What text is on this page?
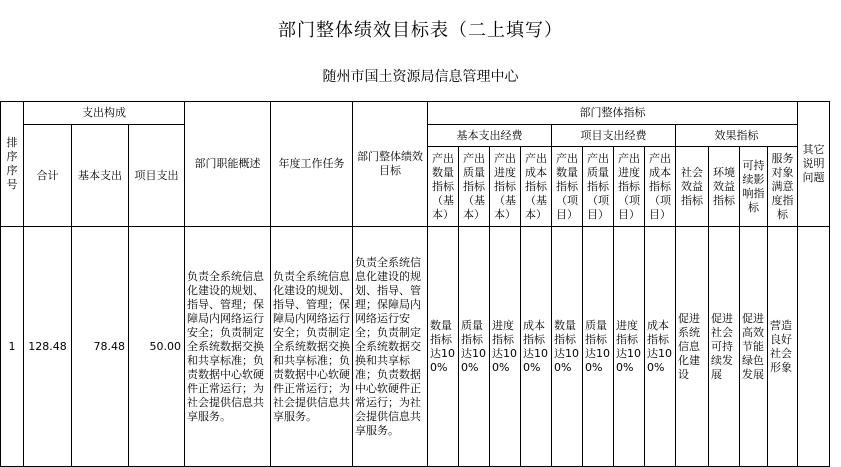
部门整体绩效目标表（二上填写）
随州市国土资源局信息管理中心
排序序号	支出构成			部门职能概述	年度工作任务	部门整体绩效目标	部门整体指标												其它说明问题
	合计	基本支出	项目支出				基本支出经费				项目支出经费				效果指标				
							产出数量指标（基本）	产出质量指标（基本）	产出进度指标（基本）	产出成本指标（基本）	产出数量指标（项目）	产出质量指标（项目）	产出进度指标（项目）	产出成本指标（项目）	社会效益指标	环境效益指标	可持续影响指标	服务对象满意度指标	

1	128.48	78.48	50.00	负责全系统信息化建设的规划、指导、管理；保障局内网络运行安全；负责制定全系统数据交换和共享标准；负责数据中心软硬件正常运行；为社会提供信息共享服务。	负责全系统信息化建设的规划、指导、管理；保障局内网络运行安全；负责制定全系统数据交换和共享标准；负责数据中心软硬件正常运行；为社会提供信息共享服务。	负责全系统信息化建设的规划、指导、管理；保障局内网络运行安全；负责制定全系统数据交换和共享标准；负责数据中心软硬件正常运行；为社会提供信息共享服务。	数量指标达100%	质量指标达100%	进度指标达100%	成本指标达100%	数量指标达100%	质量指标达100%	进度指标达100%	成本指标达100%	促进系统信息化建设	促进社会可持续发展	促进高效节能绿色发展	营造良好社会形象	
